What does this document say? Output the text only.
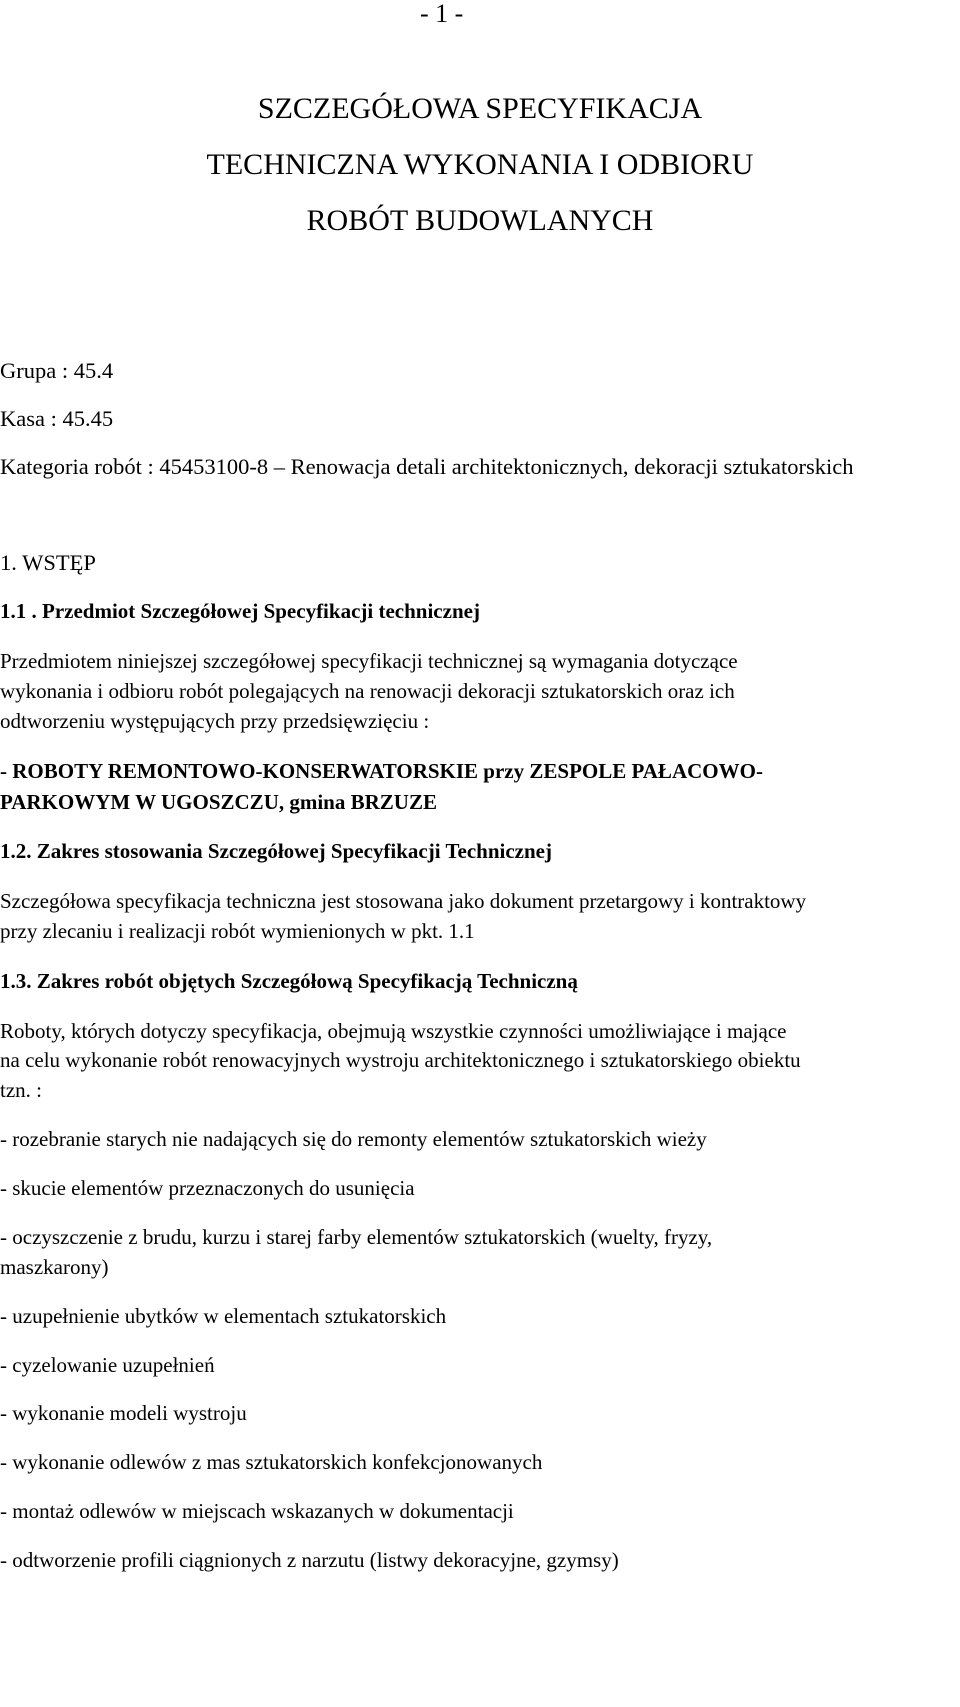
- 1 -
SZCZEGÓŁOWA SPECYFIKACJA
TECHNICZNA WYKONANIA I ODBIORU
ROBÓT BUDOWLANYCH
Grupa : 45.4
Kasa : 45.45
Kategoria robót : 45453100-8 – Renowacja detali architektonicznych, dekoracji sztukatorskich
1. WSTĘP
1.1 . Przedmiot Szczegółowej Specyfikacji technicznej
Przedmiotem niniejszej szczegółowej specyfikacji technicznej są wymagania dotyczące
wykonania i odbioru robót polegających na renowacji dekoracji sztukatorskich oraz ich
odtworzeniu występujących przy przedsięwzięciu :
- ROBOTY REMONTOWO-KONSERWATORSKIE przy ZESPOLE PAŁACOWO-
PARKOWYM W UGOSZCZU, gmina BRZUZE
1.2. Zakres stosowania Szczegółowej Specyfikacji Technicznej
Szczegółowa specyfikacja techniczna jest stosowana jako dokument przetargowy i kontraktowy
przy zlecaniu i realizacji robót wymienionych w pkt. 1.1
1.3. Zakres robót objętych Szczegółową Specyfikacją Techniczną
Roboty, których dotyczy specyfikacja, obejmują wszystkie czynności umożliwiające i mające
na celu wykonanie robót renowacyjnych wystroju architektonicznego i sztukatorskiego obiektu
tzn. :
- rozebranie starych nie nadających się do remonty elementów sztukatorskich wieży
- skucie elementów przeznaczonych do usunięcia
- oczyszczenie z brudu, kurzu i starej farby elementów sztukatorskich (wuelty, fryzy,
maszkarony)
- uzupełnienie ubytków w elementach sztukatorskich
- cyzelowanie uzupełnień
- wykonanie modeli wystroju
- wykonanie odlewów z mas sztukatorskich konfekcjonowanych
- montaż odlewów w miejscach wskazanych w dokumentacji
- odtworzenie profili ciągnionych z narzutu (listwy dekoracyjne, gzymsy)
